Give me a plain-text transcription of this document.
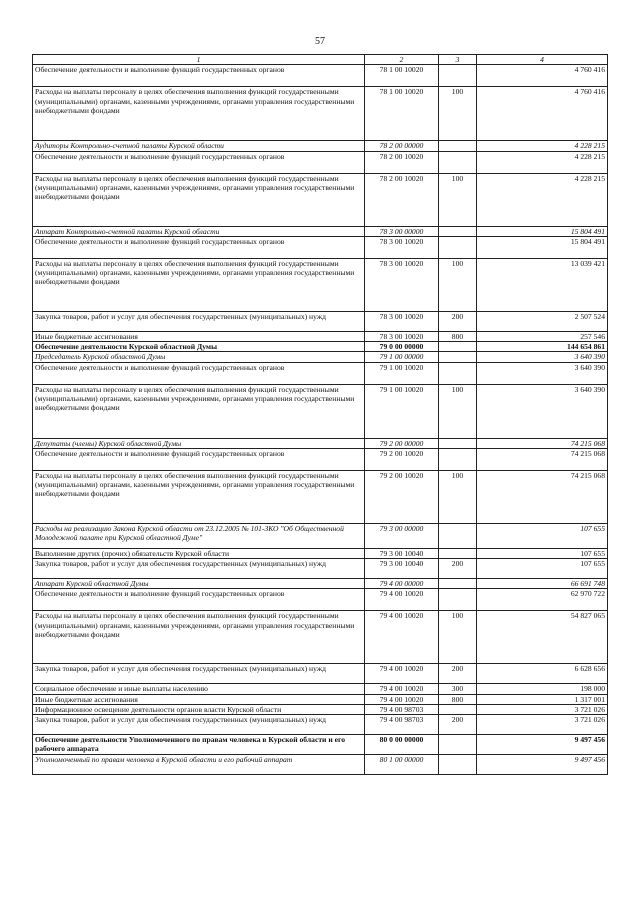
57
1	2	3	4
Обеспечение деятельности и выполнение функций государственных органов	78 1 00 10020		4 760 416
Расходы на выплаты персоналу в целях обеспечения выполнения функций государственными (муниципальными) органами, казенными учреждениями, органами управления государственными внебюджетными фондами	78 1 00 10020	100	4 760 416
Аудиторы Контрольно-счетной палаты Курской области	78 2 00 00000		4 228 215
Обеспечение деятельности и выполнение функций государственных органов	78 2 00 10020		4 228 215
Расходы на выплаты персоналу в целях обеспечения выполнения функций государственными (муниципальными) органами, казенными учреждениями, органами управления государственными внебюджетными фондами	78 2 00 10020	100	4 228 215
Аппарат Контрольно-счетной палаты Курской области	78 3 00 00000		15 804 491
Обеспечение деятельности и выполнение функций государственных органов	78 3 00 10020		15 804 491
Расходы на выплаты персоналу в целях обеспечения выполнения функций государственными (муниципальными) органами, казенными учреждениями, органами управления государственными внебюджетными фондами	78 3 00 10020	100	13 039 421
Закупка товаров, работ и услуг для обеспечения государственных (муниципальных) нужд	78 3 00 10020	200	2 507 524
Иные бюджетные ассигнования	78 3 00 10020	800	257 546
Обеспечение деятельности Курской областной Думы	79 0 00 00000		144 654 861
Председатель Курской областной Думы	79 1 00 00000		3 640 390
Обеспечение деятельности и выполнение функций государственных органов	79 1 00 10020		3 640 390
Расходы на выплаты персоналу в целях обеспечения выполнения функций государственными (муниципальными) органами, казенными учреждениями, органами управления государственными внебюджетными фондами	79 1 00 10020	100	3 640 390
Депутаты (члены) Курской областной Думы	79 2 00 00000		74 215 068
Обеспечение деятельности и выполнение функций государственных органов	79 2 00 10020		74 215 068
Расходы на выплаты персоналу в целях обеспечения выполнения функций государственными (муниципальными) органами, казенными учреждениями, органами управления государственными внебюджетными фондами	79 2 00 10020	100	74 215 068
Расходы на реализацию Закона Курской области от 23.12.2005 № 101-ЗКО "Об Общественной Молодежной палате при Курской областной Думе"	79 3 00 00000		107 655
Выполнение других (прочих) обязательств Курской области	79 3 00 10040		107 655
Закупка товаров, работ и услуг для обеспечения государственных (муниципальных) нужд	79 3 00 10040	200	107 655
Аппарат Курской областной Думы	79 4 00 00000		66 691 748
Обеспечение деятельности и выполнение функций государственных органов	79 4 00 10020		62 970 722
Расходы на выплаты персоналу в целях обеспечения выполнения функций государственными (муниципальными) органами, казенными учреждениями, органами управления государственными внебюджетными фондами	79 4 00 10020	100	54 827 065
Закупка товаров, работ и услуг для обеспечения государственных (муниципальных) нужд	79 4 00 10020	200	6 628 656
Социальное обеспечение и иные выплаты населению	79 4 00 10020	300	198 000
Иные бюджетные ассигнования	79 4 00 10020	800	1 317 001
Информационное освещение деятельности органов власти Курской области	79 4 00 98703		3 721 026
Закупка товаров, работ и услуг для обеспечения государственных (муниципальных) нужд	79 4 00 98703	200	3 721 026
Обеспечение деятельности Уполномоченного по правам человека в Курской области и его рабочего аппарата	80 0 00 00000		9 497 456
Уполномоченный по правам человека в Курской области и его рабочий аппарат	80 1 00 00000		9 497 456
